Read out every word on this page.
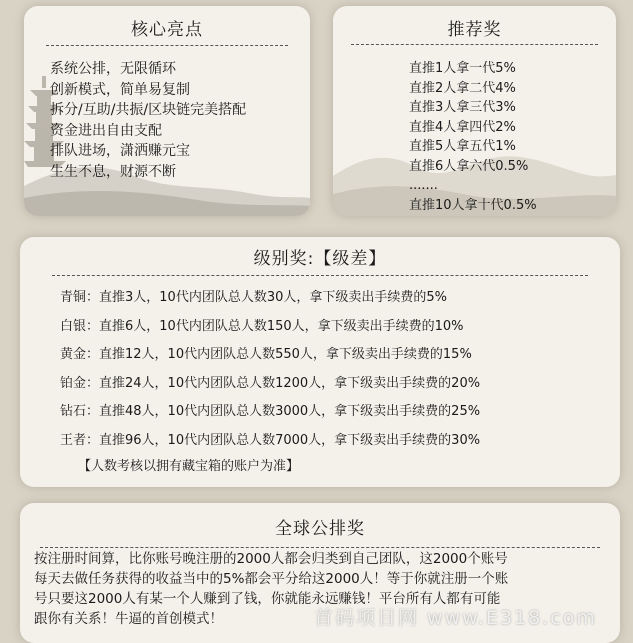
核心亮点
系统公排，无限循环
创新模式，简单易复制
拆分/互助/共振/区块链完美搭配
资金进出自由支配
排队进场，潇洒赚元宝
生生不息，财源不断
推荐奖
直推1人拿一代5%
直推2人拿二代4%
直推3人拿三代3%
直推4人拿四代2%
直推5人拿五代1%
直推6人拿六代0.5%
.......
直推10人拿十代0.5%
级别奖:【级差】
青铜：直推3人，10代内团队总人数30人，拿下级卖出手续费的5%
白银：直推6人，10代内团队总人数150人，拿下级卖出手续费的10%
黄金：直推12人，10代内团队总人数550人，拿下级卖出手续费的15%
铂金：直推24人，10代内团队总人数1200人，拿下级卖出手续费的20%
钻石：直推48人，10代内团队总人数3000人，拿下级卖出手续费的25%
王者：直推96人，10代内团队总人数7000人，拿下级卖出手续费的30%
【人数考核以拥有藏宝箱的账户为准】
全球公排奖
按注册时间算，比你账号晚注册的2000人都会归类到自己团队，这2000个账号
每天去做任务获得的收益当中的5%都会平分给这2000人！等于你就注册一个账
号只要这2000人有某一个人赚到了钱，你就能永远赚钱！平台所有人都有可能
跟你有关系！牛逼的首创模式！	首码项目网 www.E318.com
